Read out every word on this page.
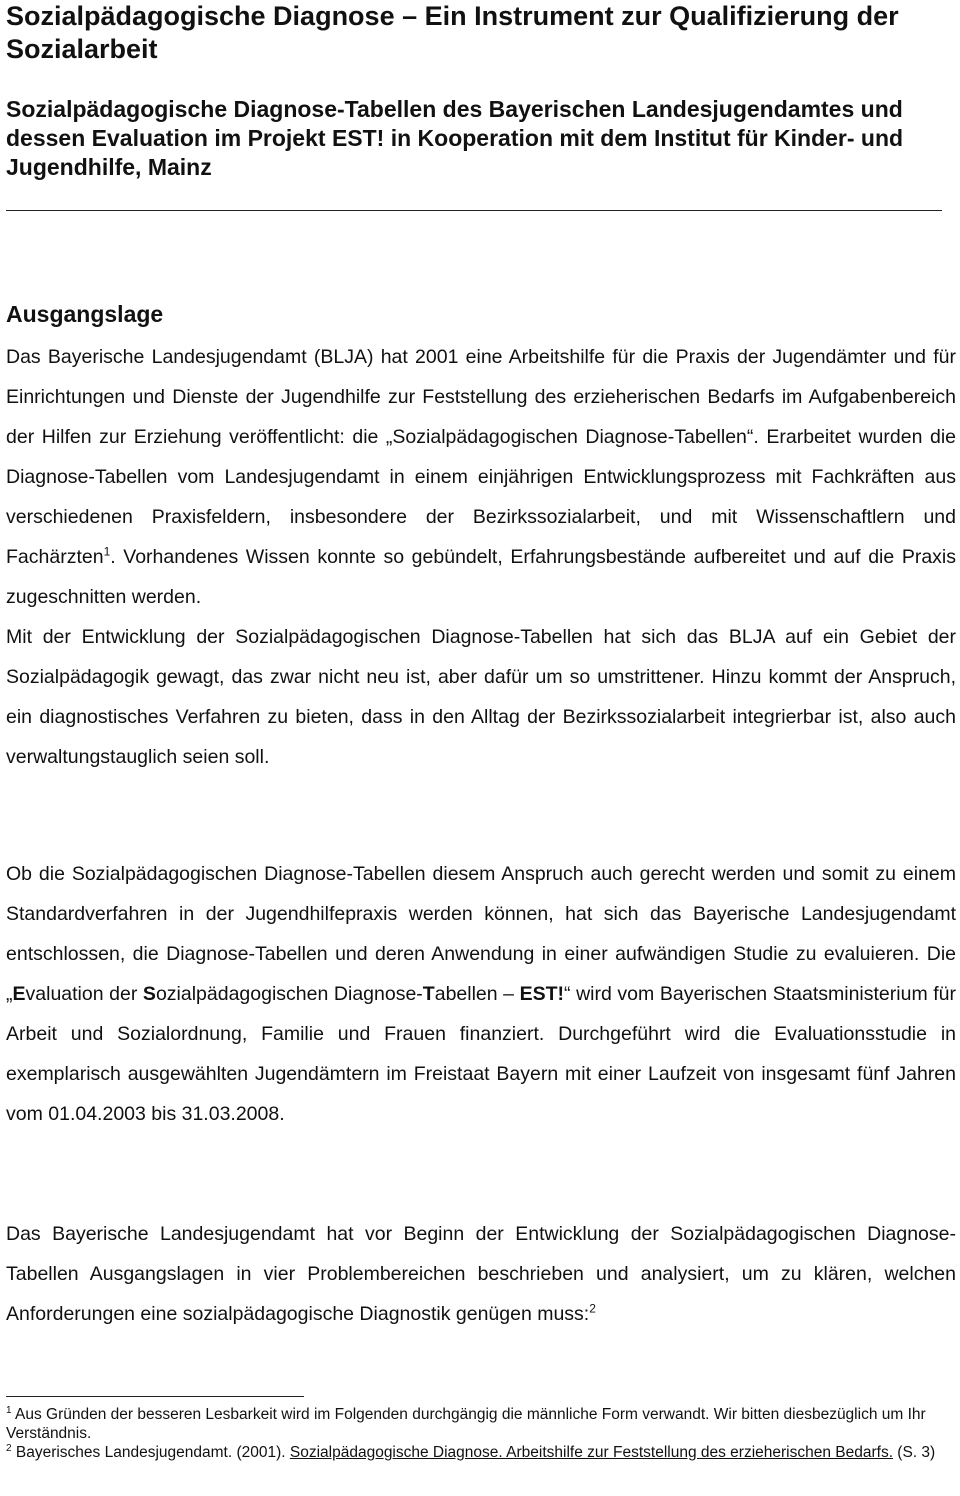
Sozialpädagogische Diagnose – Ein Instrument zur Qualifizierung der Sozialarbeit
Sozialpädagogische Diagnose-Tabellen des Bayerischen Landesjugendamtes und dessen Evaluation im Projekt EST! in Kooperation mit dem Institut für Kinder- und Jugendhilfe, Mainz
Ausgangslage

Das Bayerische Landesjugendamt (BLJA) hat 2001 eine Arbeitshilfe für die Praxis der Jugendämter und für Einrichtungen und Dienste der Jugendhilfe zur Feststellung des erzieherischen Bedarfs im Aufgabenbereich der Hilfen zur Erziehung veröffentlicht: die „Sozialpädagogischen Diagnose-Tabellen“. Erarbeitet wurden die Diagnose-Tabellen vom Landesjugendamt in einem einjährigen Entwicklungsprozess mit Fachkräften aus verschiedenen Praxisfeldern, insbesondere der Bezirkssozialarbeit, und mit Wissenschaftlern und Fachärzten$^1$. Vorhandenes Wissen konnte so gebündelt, Erfahrungsbestände aufbereitet und auf die Praxis zugeschnitten werden.

Mit der Entwicklung der Sozialpädagogischen Diagnose-Tabellen hat sich das BLJA auf ein Gebiet der Sozialpädagogik gewagt, das zwar nicht neu ist, aber dafür um so umstrittener. Hinzu kommt der Anspruch, ein diagnostisches Verfahren zu bieten, dass in den Alltag der Bezirkssozialarbeit integrierbar ist, also auch verwaltungstauglich seien soll.

Ob die Sozialpädagogischen Diagnose-Tabellen diesem Anspruch auch gerecht werden und somit zu einem Standardverfahren in der Jugendhilfepraxis werden können, hat sich das Bayerische Landesjugendamt entschlossen, die Diagnose-Tabellen und deren Anwendung in einer aufwändigen Studie zu evaluieren. Die „Evaluation der Sozialpädagogischen Diagnose-Tabellen – EST!“ wird vom Bayerischen Staatsministerium für Arbeit und Sozialordnung, Familie und Frauen finanziert. Durchgeführt wird die Evaluationsstudie in exemplarisch ausgewählten Jugendämtern im Freistaat Bayern mit einer Laufzeit von insgesamt fünf Jahren vom 01.04.2003 bis 31.03.2008.

Das Bayerische Landesjugendamt hat vor Beginn der Entwicklung der Sozialpädagogischen Diagnose-Tabellen Ausgangslagen in vier Problembereichen beschrieben und analysiert, um zu klären, welchen Anforderungen eine sozialpädagogische Diagnostik genügen muss:$^2$

$^1$ Aus Gründen der besseren Lesbarkeit wird im Folgenden durchgängig die männliche Form verwandt. Wir bitten diesbezüglich um Ihr Verständnis.

$^2$ Bayerisches Landesjugendamt. (2001). Sozialpädagogische Diagnose. Arbeitshilfe zur Feststellung des erzieherischen Bedarfs. (S. 3)
